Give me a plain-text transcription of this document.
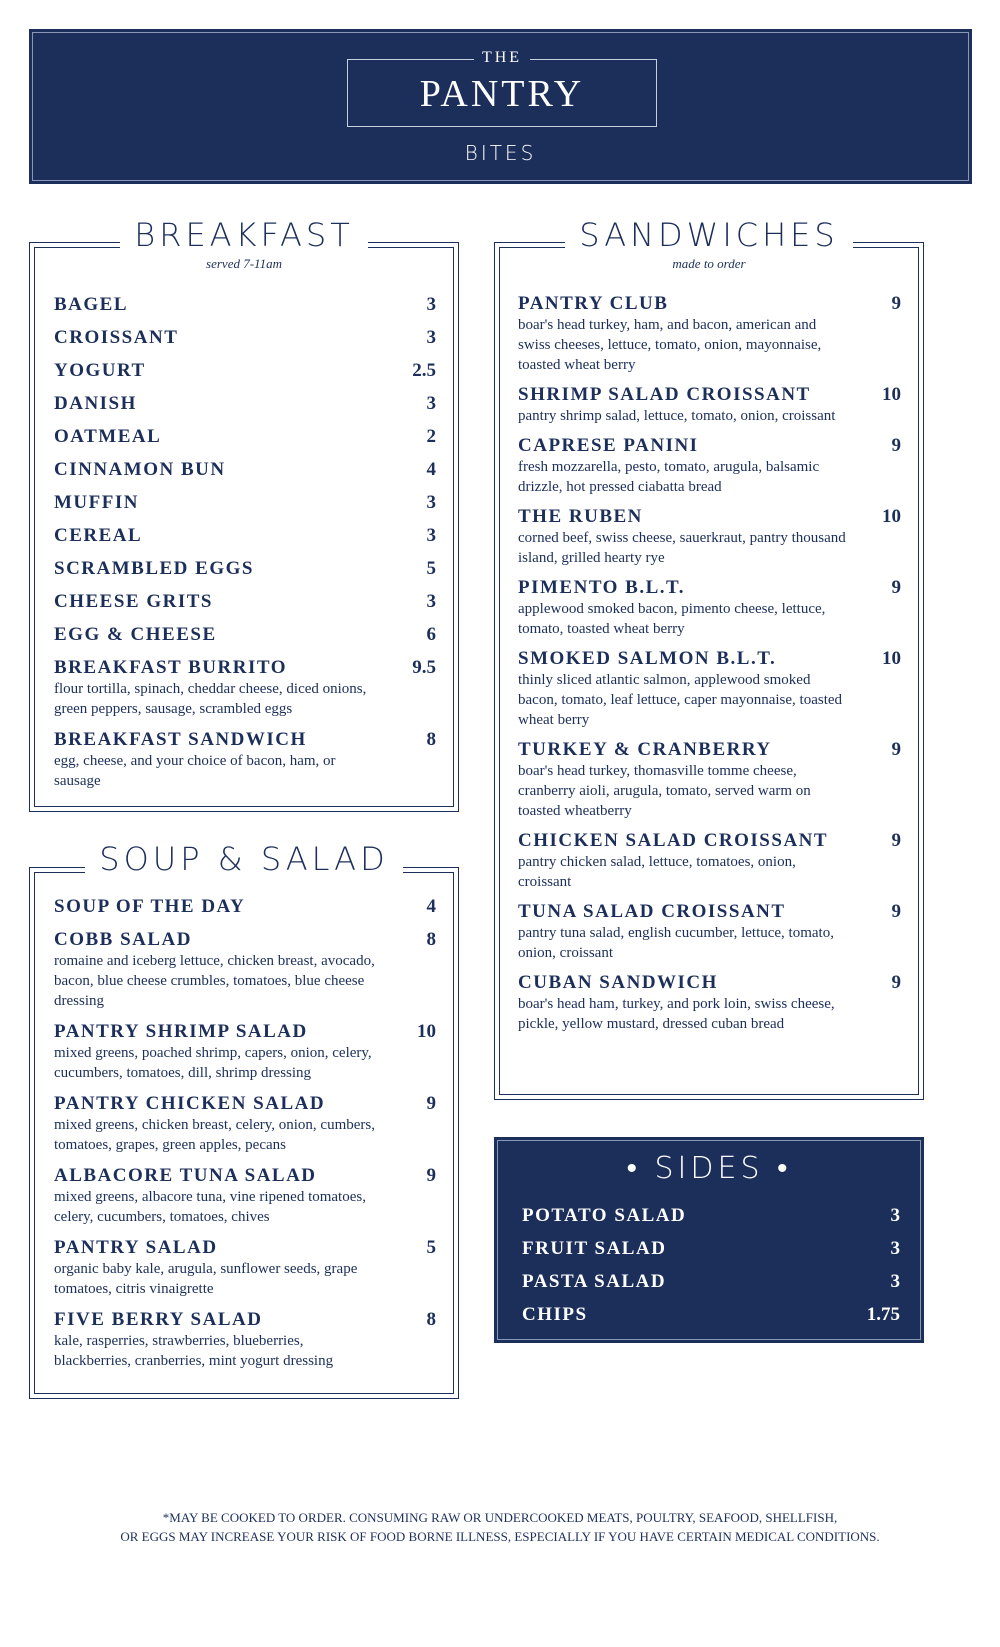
THE
PANTRY
BITES
BREAKFAST
served 7-11am
BAGEL	3
CROISSANT	3
YOGURT	2.5
DANISH	3
OATMEAL	2
CINNAMON BUN	4
MUFFIN	3
CEREAL	3
SCRAMBLED EGGS	5
CHEESE GRITS	3
EGG & CHEESE	6
BREAKFAST BURRITO	9.5
flour tortilla, spinach, cheddar cheese, diced onions, green peppers, sausage, scrambled eggs
BREAKFAST SANDWICH	8
egg, cheese, and your choice of bacon, ham, or sausage
SOUP & SALAD
SOUP OF THE DAY	4
COBB SALAD	8
romaine and iceberg lettuce, chicken breast, avocado, bacon, blue cheese crumbles, tomatoes, blue cheese dressing
PANTRY SHRIMP SALAD	10
mixed greens, poached shrimp, capers, onion, celery, cucumbers, tomatoes, dill, shrimp dressing
PANTRY CHICKEN SALAD	9
mixed greens, chicken breast, celery, onion, cumbers, tomatoes, grapes, green apples, pecans
ALBACORE TUNA SALAD	9
mixed greens, albacore tuna, vine ripened tomatoes, celery, cucumbers, tomatoes, chives
PANTRY SALAD	5
organic baby kale, arugula, sunflower seeds, grape tomatoes, citris vinaigrette
FIVE BERRY SALAD	8
kale, rasperries, strawberries, blueberries, blackberries, cranberries, mint yogurt dressing
SANDWICHES
made to order
PANTRY CLUB	9
boar's head turkey, ham, and bacon, american and swiss cheeses, lettuce, tomato, onion, mayonnaise, toasted wheat berry
SHRIMP SALAD CROISSANT	10
pantry shrimp salad, lettuce, tomato, onion, croissant
CAPRESE PANINI	9
fresh mozzarella, pesto, tomato, arugula, balsamic drizzle, hot pressed ciabatta bread
THE RUBEN	10
corned beef, swiss cheese, sauerkraut, pantry thousand island, grilled hearty rye
PIMENTO B.L.T.	9
applewood smoked bacon, pimento cheese, lettuce, tomato, toasted wheat berry
SMOKED SALMON B.L.T.	10
thinly sliced atlantic salmon, applewood smoked bacon, tomato, leaf lettuce, caper mayonnaise, toasted wheat berry
TURKEY & CRANBERRY	9
boar's head turkey, thomasville tomme cheese, cranberry aioli, arugula, tomato, served warm on toasted wheatberry
CHICKEN SALAD CROISSANT	9
pantry chicken salad, lettuce, tomatoes, onion, croissant
TUNA SALAD CROISSANT	9
pantry tuna salad, english cucumber, lettuce, tomato, onion, croissant
CUBAN SANDWICH	9
boar's head ham, turkey, and pork loin, swiss cheese, pickle, yellow mustard, dressed cuban bread
• SIDES •
POTATO SALAD	3
FRUIT SALAD	3
PASTA SALAD	3
CHIPS	1.75
*MAY BE COOKED TO ORDER. CONSUMING RAW OR UNDERCOOKED MEATS, POULTRY, SEAFOOD, SHELLFISH,
OR EGGS MAY INCREASE YOUR RISK OF FOOD BORNE ILLNESS, ESPECIALLY IF YOU HAVE CERTAIN MEDICAL CONDITIONS.
